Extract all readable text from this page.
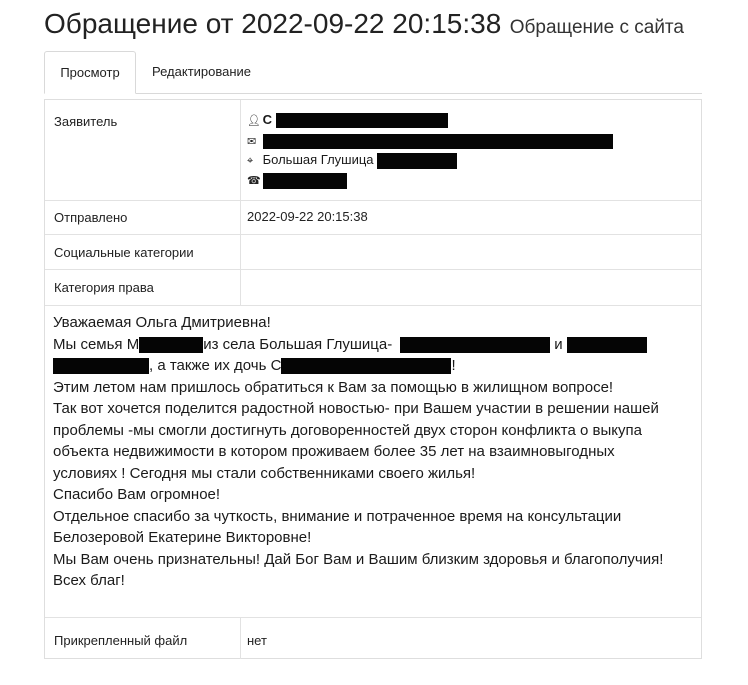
Обращение от 2022-09-22 20:15:38 Обращение с сайта
Просмотр	Редактирование
Заявитель	👤︎ С
✉
⌖ Большая Глушица
☎
Отправлено	2022-09-22 20:15:38
Социальные категории
Категория права
Уважаемая Ольга Дмитриевна!
Мы семья М	из села Большая Глушица-	и
, а также их дочь С	!
Этим летом нам пришлось обратиться к Вам за помощью в жилищном вопросе!
Так вот хочется поделится радостной новостью- при Вашем участии в решении нашей
проблемы -мы смогли достигнуть договоренностей двух сторон конфликта о выкупа
объекта недвижимости в котором проживаем более 35 лет на взаимновыгодных
условиях ! Сегодня мы стали собственниками своего жилья!
Спасибо Вам огромное!
Отдельное спасибо за чуткость, внимание и потраченное время на консультации
Белозеровой Екатерине Викторовне!
Мы Вам очень признательны! Дай Бог Вам и Вашим близким здоровья и благополучия!
Всех благ!
Прикрепленный файл	нет
